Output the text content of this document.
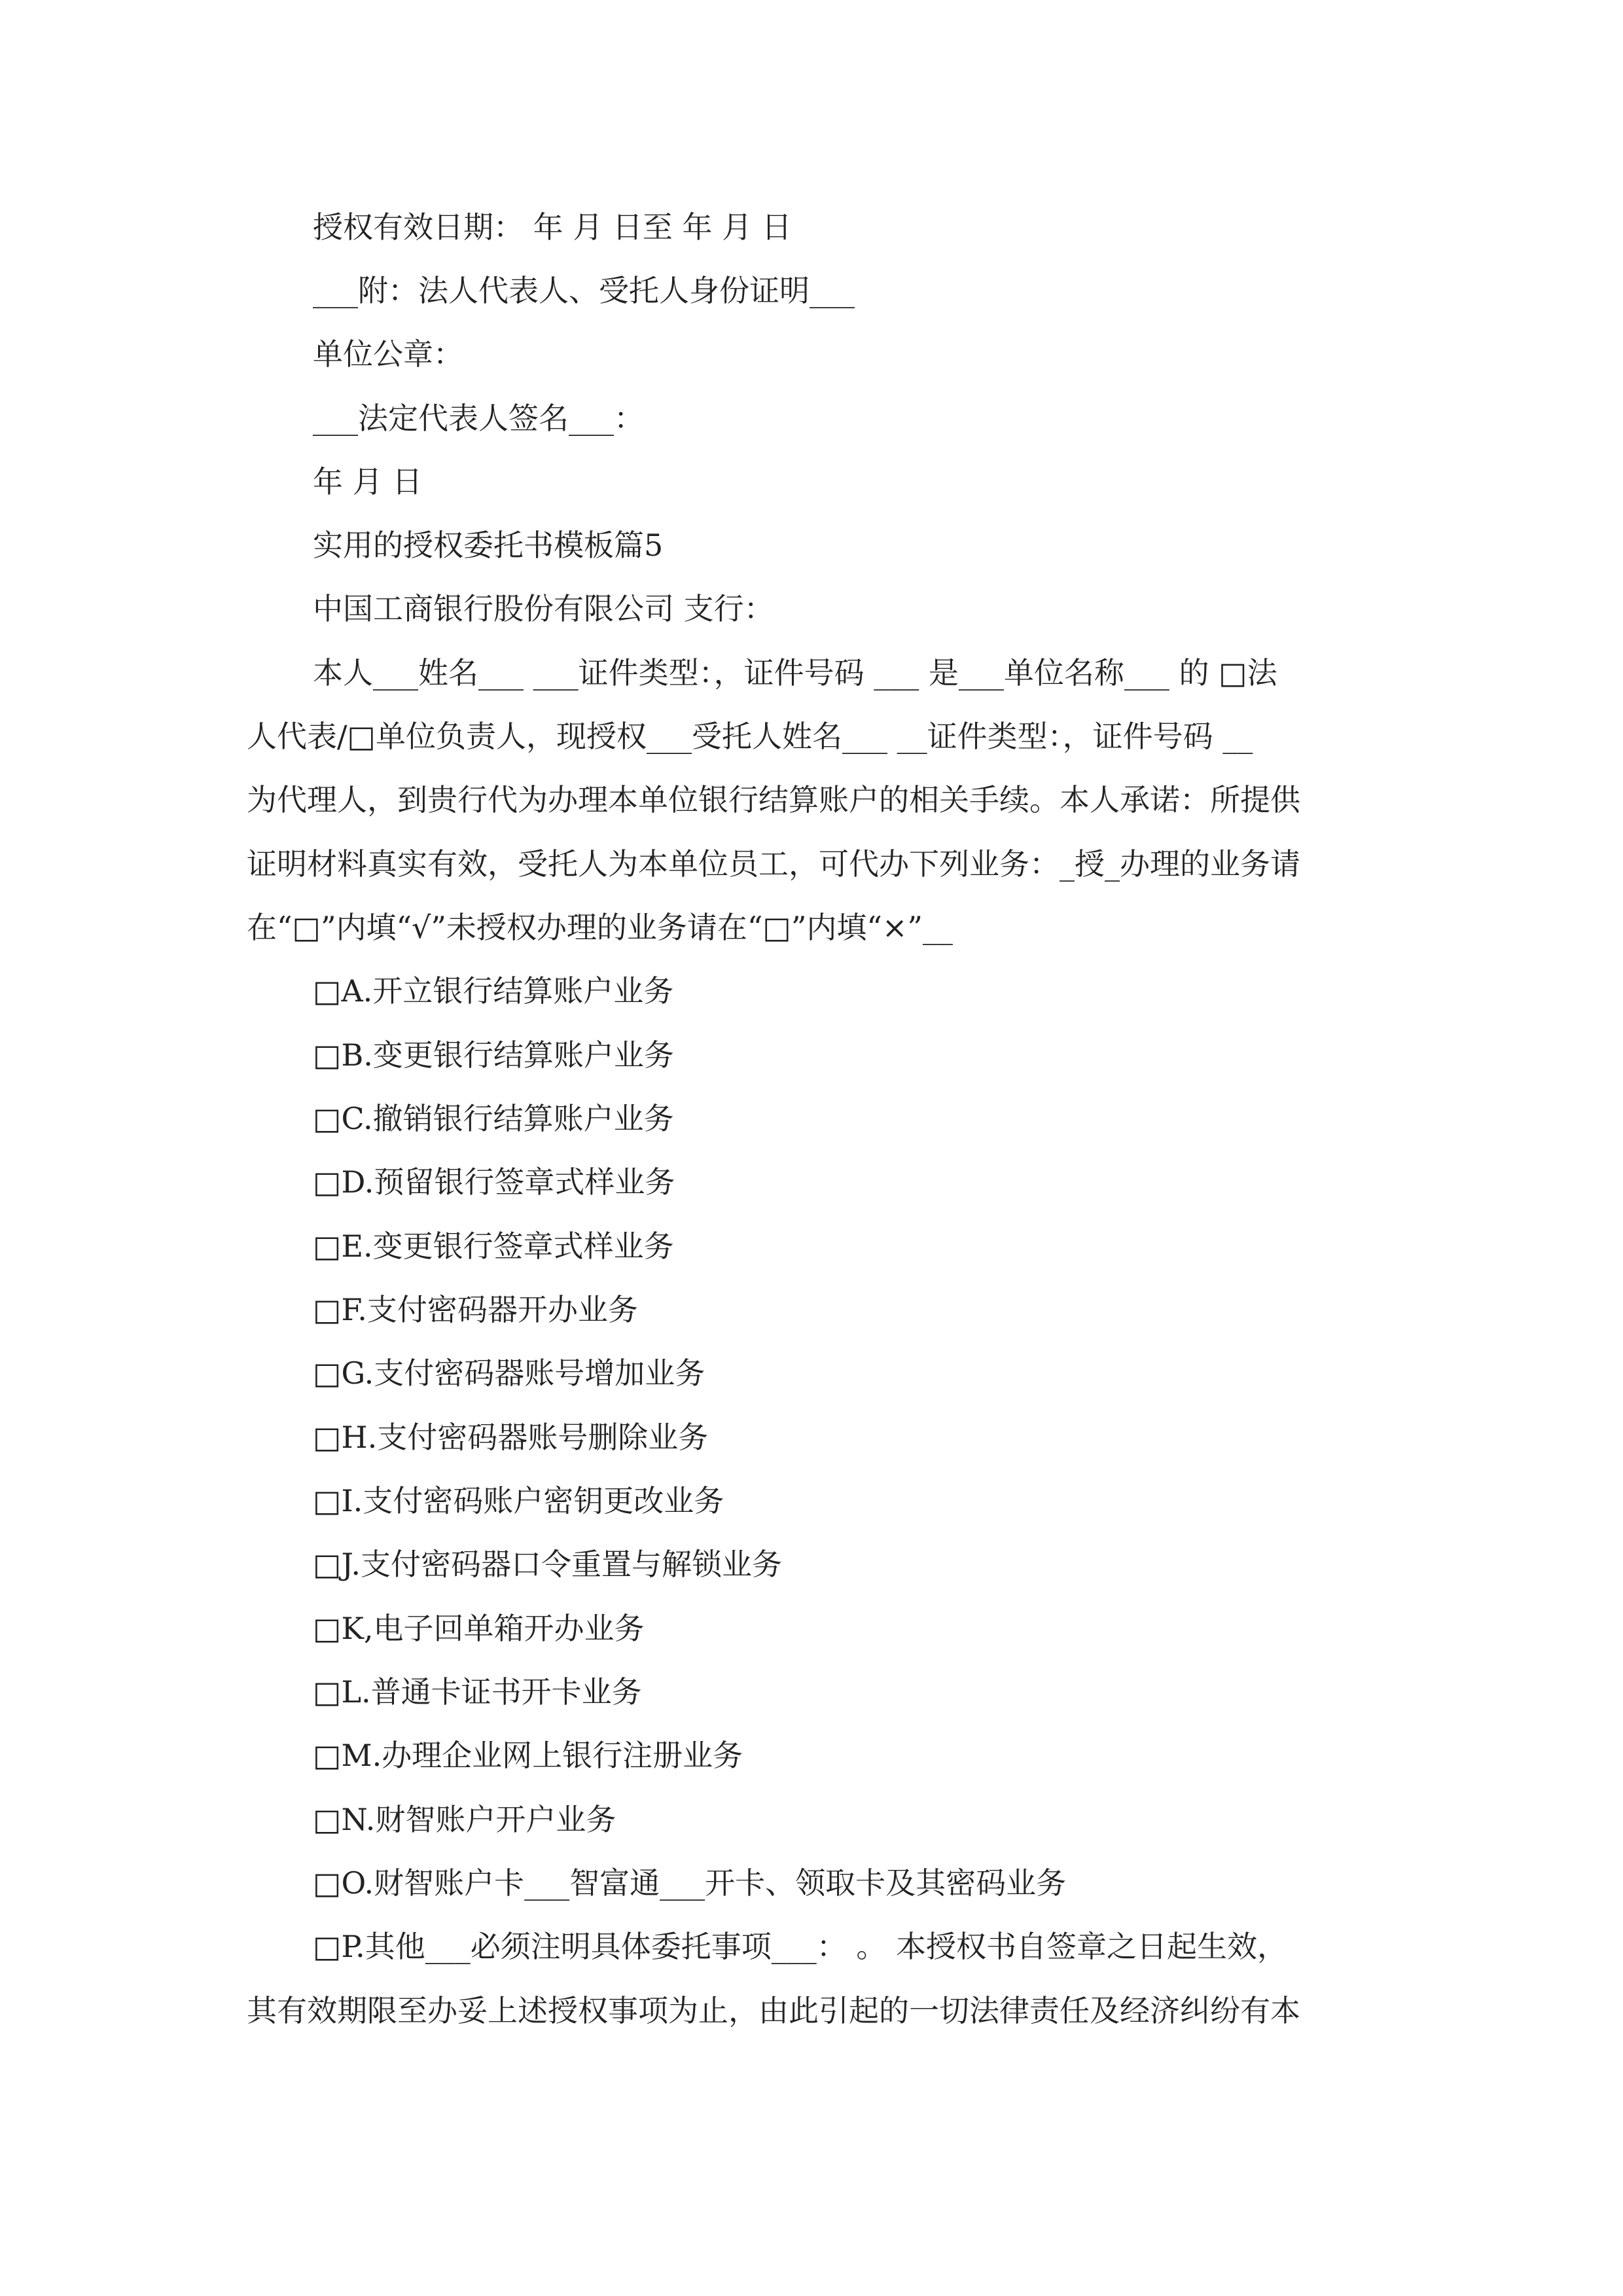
授权有效日期： 年 月 日至 年 月 日
___附：法人代表人、受托人身份证明___
单位公章：
___法定代表人签名___：
年 月 日
实用的授权委托书模板篇5
中国工商银行股份有限公司 支行：
本人___姓名___ ___证件类型：，证件号码 ___ 是___单位名称___ 的 □法
人代表/□单位负责人，现授权___受托人姓名___ __证件类型：，证件号码 __
为代理人，到贵行代为办理本单位银行结算账户的相关手续。本人承诺：所提供
证明材料真实有效，受托人为本单位员工，可代办下列业务：_授_办理的业务请
在“□”内填“√”未授权办理的业务请在“□”内填“×”__
□A.开立银行结算账户业务
□B.变更银行结算账户业务
□C.撤销银行结算账户业务
□D.预留银行签章式样业务
□E.变更银行签章式样业务
□F.支付密码器开办业务
□G.支付密码器账号增加业务
□H.支付密码器账号删除业务
□I.支付密码账户密钥更改业务
□J.支付密码器口令重置与解锁业务
□K,电子回单箱开办业务
□L.普通卡证书开卡业务
□M.办理企业网上银行注册业务
□N.财智账户开户业务
□O.财智账户卡___智富通___开卡、领取卡及其密码业务
□P.其他___必须注明具体委托事项___： 。 本授权书自签章之日起生效，
其有效期限至办妥上述授权事项为止，由此引起的一切法律责任及经济纠纷有本
